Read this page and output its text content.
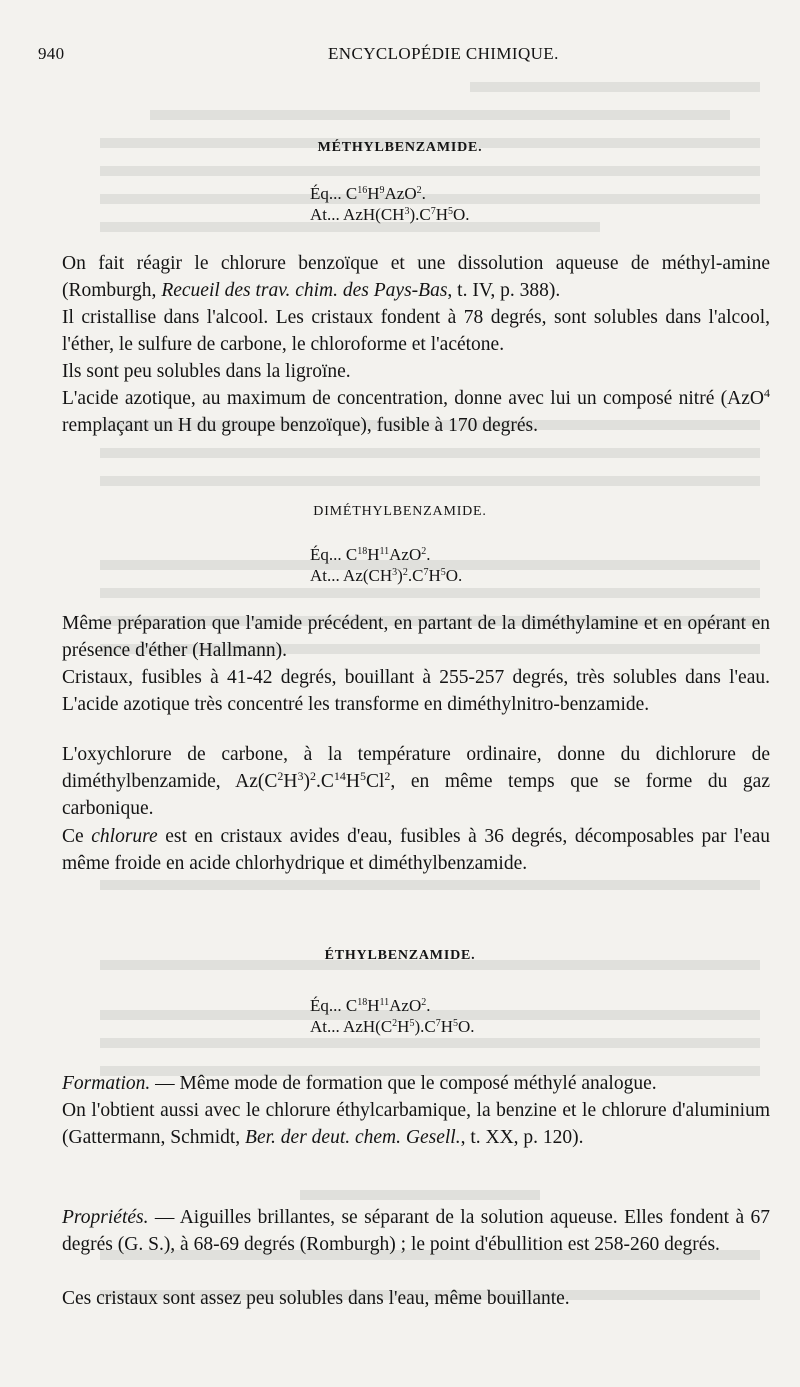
940	ENCYCLOPÉDIE CHIMIQUE.
MÉTHYLBENZAMIDE.
Éq... $C^{16}H^9AzO^2$.
At... $AzH(CH^3).C^7H^5O$.
On fait réagir le chlorure benzoïque et une dissolution aqueuse de méthyl-amine (Romburgh, Recueil des trav. chim. des Pays-Bas, t. IV, p. 388).
Il cristallise dans l'alcool. Les cristaux fondent à 78 degrés, sont solubles dans l'alcool, l'éther, le sulfure de carbone, le chloroforme et l'acétone.
Ils sont peu solubles dans la ligroïne.
L'acide azotique, au maximum de concentration, donne avec lui un composé nitré (AzO$^4$ remplaçant un H du groupe benzoïque), fusible à 170 degrés.
DIMÉTHYLBENZAMIDE.
Éq... $C^{18}H^{11}AzO^2$.
At... $Az(CH^3)^2.C^7H^5O$.
Même préparation que l'amide précédent, en partant de la diméthylamine et en opérant en présence d'éther (Hallmann).
Cristaux, fusibles à 41-42 degrés, bouillant à 255-257 degrés, très solubles dans l'eau. L'acide azotique très concentré les transforme en diméthylnitro-benzamide.
L'oxychlorure de carbone, à la température ordinaire, donne du dichlorure de diméthylbenzamide, $Az(C^2H^3)^2.C^{14}H^5Cl^2$, en même temps que se forme du gaz carbonique.
Ce chlorure est en cristaux avides d'eau, fusibles à 36 degrés, décomposables par l'eau même froide en acide chlorhydrique et diméthylbenzamide.
ÉTHYLBENZAMIDE.
Éq... $C^{18}H^{11}AzO^2$.
At... $AzH(C^2H^5).C^7H^5O$.
Formation. — Même mode de formation que le composé méthylé analogue.
On l'obtient aussi avec le chlorure éthylcarbamique, la benzine et le chlorure d'aluminium (Gattermann, Schmidt, Ber. der deut. chem. Gesell., t. XX, p. 120).
Propriétés. — Aiguilles brillantes, se séparant de la solution aqueuse. Elles fondent à 67 degrés (G. S.), à 68-69 degrés (Romburgh) ; le point d'ébullition est 258-260 degrés.
Ces cristaux sont assez peu solubles dans l'eau, même bouillante.
